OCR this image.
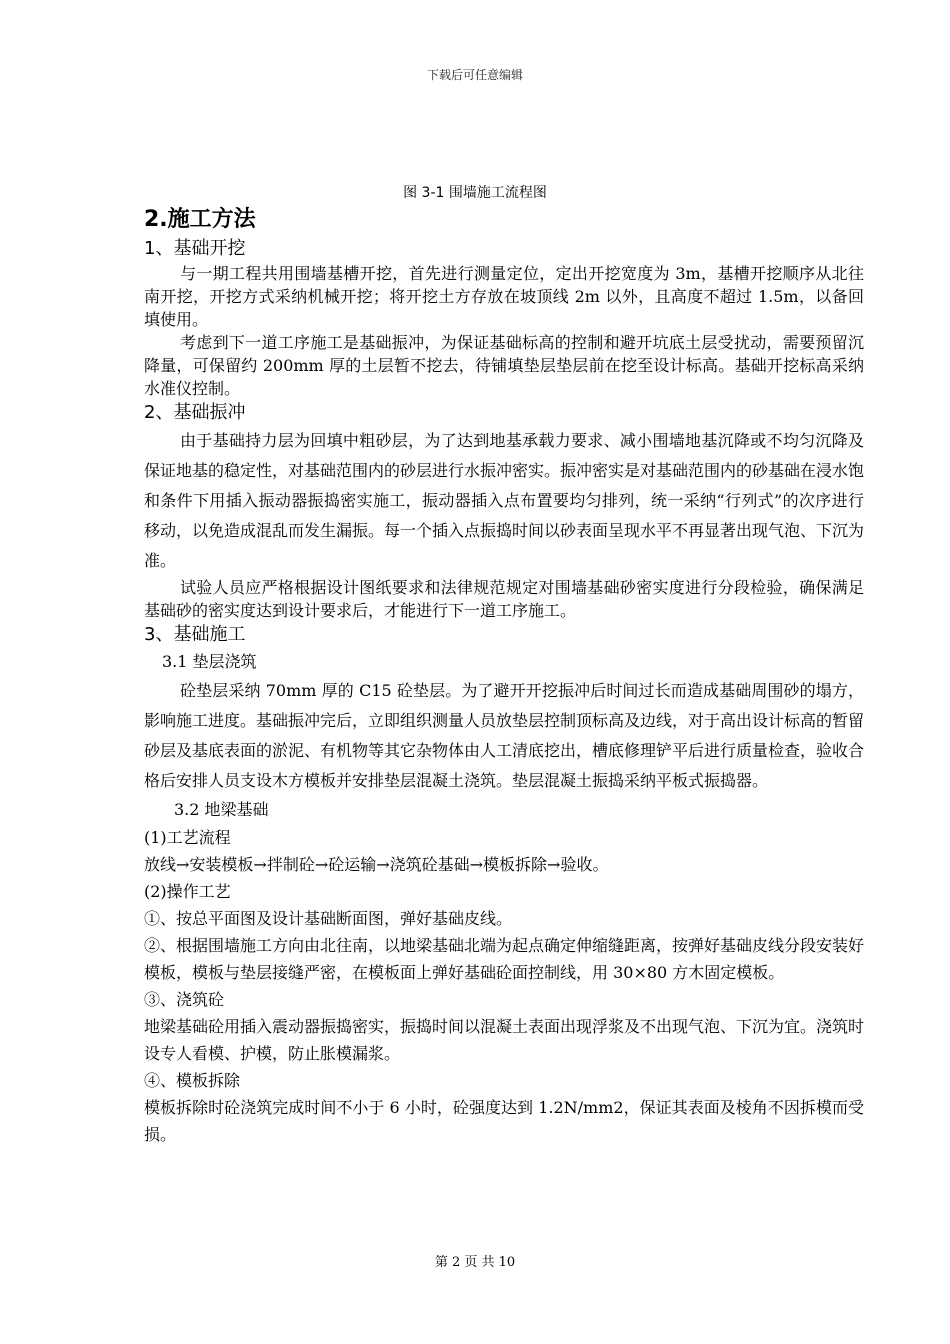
下载后可任意编辑
图 3-1 围墙施工流程图
2.施工方法
1、基础开挖

与一期工程共用围墙基槽开挖，首先进行测量定位，定出开挖宽度为 3m，基槽开挖顺序从北往南开挖，开挖方式采纳机械开挖；将开挖土方存放在坡顶线 2m 以外，且高度不超过 1.5m，以备回填使用。

考虑到下一道工序施工是基础振冲，为保证基础标高的控制和避开坑底土层受扰动，需要预留沉降量，可保留约 200mm 厚的土层暂不挖去，待铺填垫层垫层前在挖至设计标高。基础开挖标高采纳水准仪控制。

2、基础振冲

由于基础持力层为回填中粗砂层，为了达到地基承载力要求、减小围墙地基沉降或不均匀沉降及保证地基的稳定性，对基础范围内的砂层进行水振冲密实。振冲密实是对基础范围内的砂基础在浸水饱和条件下用插入振动器振捣密实施工，振动器插入点布置要均匀排列，统一采纳“行列式”的次序进行移动，以免造成混乱而发生漏振。每一个插入点振捣时间以砂表面呈现水平不再显著出现气泡、下沉为准。

试验人员应严格根据设计图纸要求和法律规范规定对围墙基础砂密实度进行分段检验，确保满足基础砂的密实度达到设计要求后，才能进行下一道工序施工。

3、基础施工
3.1 垫层浇筑

砼垫层采纳 70mm 厚的 C15 砼垫层。为了避开开挖振冲后时间过长而造成基础周围砂的塌方，影响施工进度。基础振冲完后，立即组织测量人员放垫层控制顶标高及边线，对于高出设计标高的暂留砂层及基底表面的淤泥、有机物等其它杂物体由人工清底挖出，槽底修理铲平后进行质量检查，验收合格后安排人员支设木方模板并安排垫层混凝土浇筑。垫层混凝土振捣采纳平板式振捣器。

3.2 地梁基础

(1)工艺流程

放线→安装模板→拌制砼→砼运输→浇筑砼基础→模板拆除→验收。

(2)操作工艺

①、按总平面图及设计基础断面图，弹好基础皮线。

②、根据围墙施工方向由北往南，以地梁基础北端为起点确定伸缩缝距离，按弹好基础皮线分段安装好模板，模板与垫层接缝严密，在模板面上弹好基础砼面控制线，用 30×80 方木固定模板。

③、浇筑砼

地梁基础砼用插入震动器振捣密实，振捣时间以混凝土表面出现浮浆及不出现气泡、下沉为宜。浇筑时设专人看模、护模，防止胀模漏浆。

④、模板拆除

模板拆除时砼浇筑完成时间不小于 6 小时，砼强度达到 1.2N/mm2，保证其表面及棱角不因拆模而受损。

第 2 页 共 10
